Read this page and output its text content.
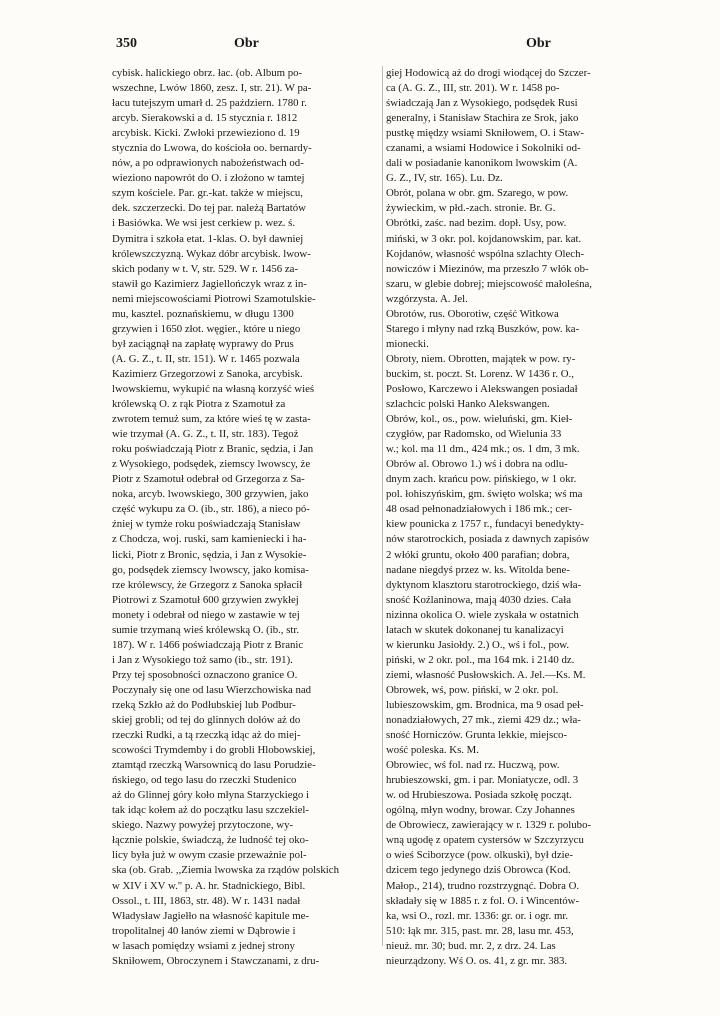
350	Obr	Obr
cybisk. halickiego obrz. łac. (ob. Album po-
wszechne, Lwów 1860, zesz. I, str. 21). W pa-
łacu tutejszym umarł d. 25 październ. 1780 r.
arcyb. Sierakowski a d. 15 stycznia r. 1812
arcybisk. Kicki. Zwłoki przewieziono d. 19
stycznia do Lwowa, do kościoła oo. bernardy-
nów, a po odprawionych nabożeństwach od-
wieziono napowrót do O. i złożono w tamtej
szym kościele. Par. gr.-kat. także w miejscu,
dek. szczerzecki. Do tej par. należą Bartatów
i Basiówka. We wsi jest cerkiew p. wez. ś.
Dymitra i szkoła etat. 1-klas. O. był dawniej
królewszczyzną. Wykaz dóbr arcybisk. lwow-
skich podany w t. V, str. 529. W r. 1456 za-
stawił go Kazimierz Jagiellończyk wraz z in-
nemi miejscowościami Piotrowi Szamotulskie-
mu, kasztel. poznańskiemu, w długu 1300
grzywien i 1650 złot. węgier., które u niego
był zaciągnął na zapłatę wyprawy do Prus
(A. G. Z., t. II, str. 151). W r. 1465 pozwala
Kazimierz Grzegorzowi z Sanoka, arcybisk.
lwowskiemu, wykupić na własną korzyść wieś
królewską O. z rąk Piotra z Szamotuł za
zwrotem temuż sum, za które wieś tę w zasta-
wie trzymał (A. G. Z., t. II, str. 183). Tegoż
roku poświadczają Piotr z Branic, sędzia, i Jan
z Wysokiego, podsędek, ziemscy lwowscy, że
Piotr z Szamotuł odebrał od Grzegorza z Sa-
noka, arcyb. lwowskiego, 300 grzywien, jako
część wykupu za O. (ib., str. 186), a nieco pó-
źniej w tymże roku poświadczają Stanisław
z Chodcza, woj. ruski, sam kamieniecki i ha-
licki, Piotr z Bronic, sędzia, i Jan z Wysokie-
go, podsędek ziemscy lwowscy, jako komisa-
rze królewscy, że Grzegorz z Sanoka spłacił
Piotrowi z Szamotuł 600 grzywien zwykłej
monety i odebrał od niego w zastawie w tej
sumie trzymaną wieś królewską O. (ib., str.
187). W r. 1466 poświadczają Piotr z Branic
i Jan z Wysokiego toż samo (ib., str. 191).
Przy tej sposobności oznaczono granice O.
Poczynały się one od lasu Wierzchowiska nad
rzeką Szkło aż do Podłubskiej lub Podbur-
skiej grobli; od tej do glinnych dołów aż do
rzeczki Rudki, a tą rzeczką idąc aż do miej-
scowości Trymdemby i do grobli Hlobowskiej,
ztamtąd rzeczką Warsownicą do lasu Porudzie-
ńskiego, od tego lasu do rzeczki Studenico
aż do Glinnej góry koło młyna Starzyckiego i
tak idąc kołem aż do początku lasu szczekiel-
skiego. Nazwy powyżej przytoczone, wy-
łącznie polskie, świadczą, że ludność tej oko-
licy była już w owym czasie przeważnie pol-
ska (ob. Grab. ,,Ziemia lwowska za rządów polskich
w XIV i XV w." p. A. hr. Stadnickiego, Bibl.
Ossol., t. III, 1863, str. 48). W r. 1431 nadał
Władysław Jagiełło na własność kapitule me-
tropolitalnej 40 łanów ziemi w Dąbrowie i
w lasach pomiędzy wsiami z jednej strony
Skniłowem, Obroczynem i Stawczanami, z dru-
giej Hodowicą aż do drogi wiodącej do Szczer-
ca (A. G. Z., III, str. 201). W r. 1458 po-
świadczają Jan z Wysokiego, podsędek Rusi
generalny, i Stanisław Stachira ze Srok, jako
pustkę między wsiami Skniłowem, O. i Staw-
czanami, a wsiami Hodowice i Sokolniki od-
dali w posiadanie kanonikom lwowskim (A.
G. Z., IV, str. 165). Lu. Dz.
Obrót, polana w obr. gm. Szarego, w pow.
żywieckim, w płd.-zach. stronie. Br. G.
Obrótki, zaśc. nad bezim. dopł. Usy, pow.
miński, w 3 okr. pol. kojdanowskim, par. kat.
Kojdanów, własność wspólna szlachty Olech-
nowiczów i Miezinów, ma przeszło 7 włók ob-
szaru, w glebie dobrej; miejscowość małoleśna,
wzgórzysta. A. Jel.
Obrotów, rus. Oborotiw, część Witkowa
Starego i młyny nad rzką Buszków, pow. ka-
mionecki.
Obroty, niem. Obrotten, majątek w pow. ry-
buckim, st. poczt. St. Lorenz. W 1436 r. O.,
Posłowo, Karczewo i Alekswangen posiadał
szlachcic polski Hanko Alekswangen.
Obrów, kol., os., pow. wieluński, gm. Kieł-
czygłów, par Radomsko, od Wielunia 33
w.; kol. ma 11 dm., 424 mk.; os. 1 dm, 3 mk.
Obrów al. Obrowo 1.) wś i dobra na odlu-
dnym zach. krańcu pow. pińskiego, w 1 okr.
pol. łohiszyńskim, gm. święto wolska; wś ma
48 osad pełnonadziałowych i 186 mk.; cer-
kiew pounicka z 1757 r., fundacyi benedykty-
nów starotrockich, posiada z dawnych zapisów
2 włóki gruntu, około 400 parafian; dobra,
nadane niegdyś przez w. ks. Witolda bene-
dyktynom klasztoru starotrockiego, dziś wła-
sność Koźlaninowa, mają 4030 dzies. Cała
nizinna okolica O. wiele zyskała w ostatnich
latach w skutek dokonanej tu kanalizacyi
w kierunku Jasiołdy. 2.) O., wś i fol., pow.
piński, w 2 okr. pol., ma 164 mk. i 2140 dz.
ziemi, własność Pusłowskich. A. Jel.—Ks. M.
Obrowek, wś, pow. piński, w 2 okr. pol.
lubieszowskim, gm. Brodnica, ma 9 osad peł-
nonadziałowych, 27 mk., ziemi 429 dz.; wła-
sność Horniczów. Grunta lekkie, miejsco-
wość poleska. Ks. M.
Obrowiec, wś fol. nad rz. Huczwą, pow.
hrubieszowski, gm. i par. Moniatycze, odl. 3
w. od Hrubieszowa. Posiada szkołę począt.
ogólną, młyn wodny, browar. Czy Johannes
de Obrowiecz, zawierający w r. 1329 r. polubo-
wną ugodę z opatem cystersów w Szczyrzycu
o wieś Sciborzyce (pow. olkuski), był dzie-
dzicem tego jedynego dziś Obrowca (Kod.
Małop., 214), trudno rozstrzygnąć. Dobra O.
składały się w 1885 r. z fol. O. i Wincentów-
ka, wsi O., rozl. mr. 1336: gr. or. i ogr. mr.
510: łąk mr. 315, past. mr. 28, lasu mr. 453,
nieuż. mr. 30; bud. mr. 2, z drz. 24. Las
nieurządzony. Wś O. os. 41, z gr. mr. 383.
